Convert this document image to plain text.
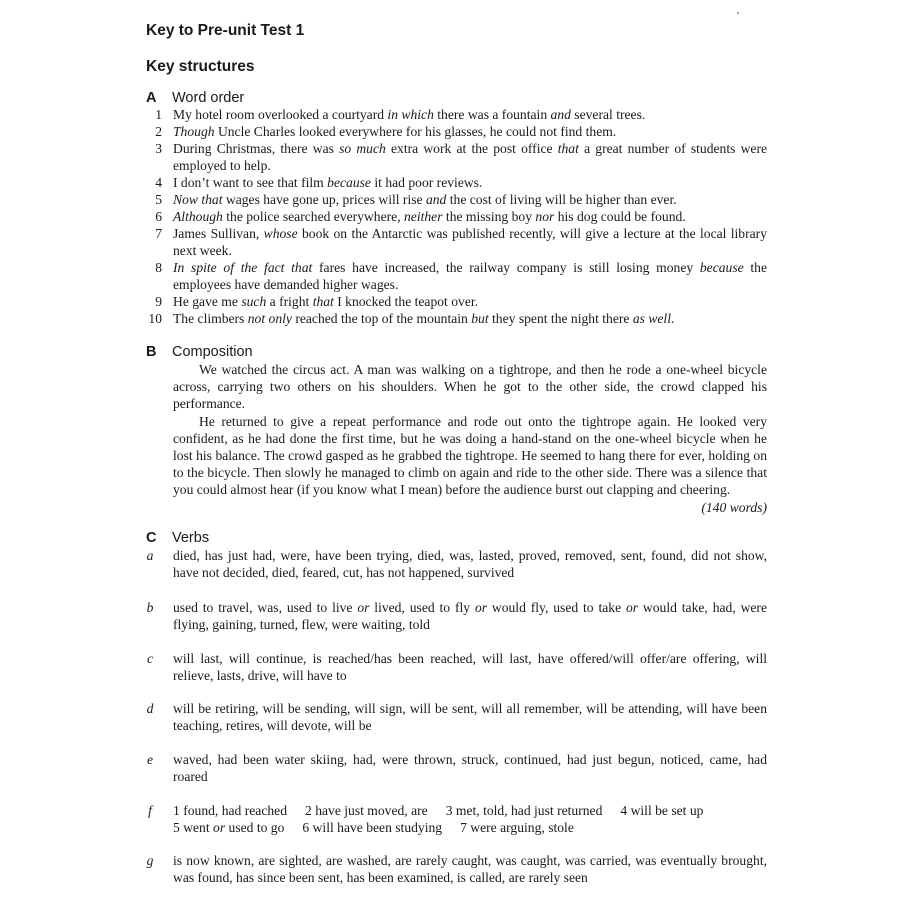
Key to Pre-unit Test 1
Key structures
A Word order
1 My hotel room overlooked a courtyard in which there was a fountain and several trees.
2 Though Uncle Charles looked everywhere for his glasses, he could not find them.
3 During Christmas, there was so much extra work at the post office that a great number of students were employed to help.
4 I don’t want to see that film because it had poor reviews.
5 Now that wages have gone up, prices will rise and the cost of living will be higher than ever.
6 Although the police searched everywhere, neither the missing boy nor his dog could be found.
7 James Sullivan, whose book on the Antarctic was published recently, will give a lecture at the local library next week.
8 In spite of the fact that fares have increased, the railway company is still losing money because the employees have demanded higher wages.
9 He gave me such a fright that I knocked the teapot over.
10 The climbers not only reached the top of the mountain but they spent the night there as well.
B Composition

We watched the circus act. A man was walking on a tightrope, and then he rode a one-wheel bicycle across, carrying two others on his shoulders. When he got to the other side, the crowd clapped his performance.

He returned to give a repeat performance and rode out onto the tightrope again. He looked very confident, as he had done the first time, but he was doing a hand-stand on the one-wheel bicycle when he lost his balance. The crowd gasped as he grabbed the tightrope. He seemed to hang there for ever, holding on to the bicycle. Then slowly he managed to climb on again and ride to the other side. There was a silence that you could almost hear (if you know what I mean) before the audience burst out clapping and cheering.
(140 words)

C Verbs
a	died, has just had, were, have been trying, died, was, lasted, proved, removed, sent, found, did not show, have not decided, died, feared, cut, has not happened, survived
b	used to travel, was, used to live or lived, used to fly or would fly, used to take or would take, had, were flying, gaining, turned, flew, were waiting, told
c	will last, will continue, is reached/has been reached, will last, have offered/will offer/are offering, will relieve, lasts, drive, will have to
d	will be retiring, will be sending, will sign, will be sent, will all remember, will be attending, will have been teaching, retires, will devote, will be
e	waved, had been water skiing, had, were thrown, struck, continued, had just begun, noticed, came, had roared
f	1 found, had reached 2 have just moved, are 3 met, told, had just returned 4 will be set up
5 went or used to go 6 will have been studying 7 were arguing, stole
g	is now known, are sighted, are washed, are rarely caught, was caught, was carried, was eventually brought, was found, has since been sent, has been examined, is called, are rarely seen
